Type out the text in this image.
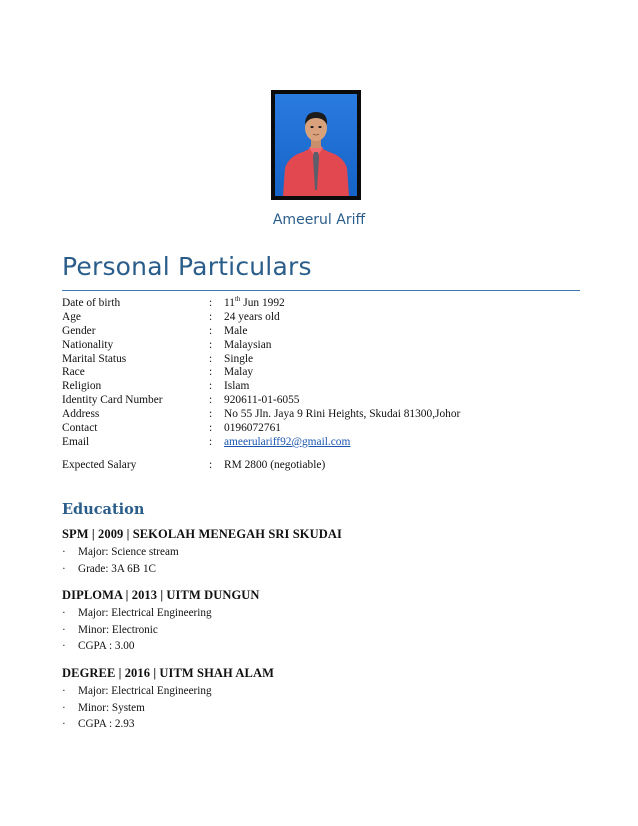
Ameerul Ariff
Personal Particulars
Date of birth	: 11th Jun 1992
Age	: 24 years old
Gender	: Male
Nationality	: Malaysian
Marital Status	: Single
Race	: Malay
Religion	: Islam
Identity Card Number	: 920611-01-6055
Address	: No 55 Jln. Jaya 9 Rini Heights, Skudai 81300,Johor
Contact	: 0196072761
Email	: ameerulariff92@gmail.com
Expected Salary	: RM 2800 (negotiable)
Education
SPM | 2009 | SEKOLAH MENEGAH SRI SKUDAI
· Major: Science stream
· Grade: 3A 6B 1C
DIPLOMA | 2013 | UITM DUNGUN
· Major: Electrical Engineering
· Minor: Electronic
· CGPA : 3.00
DEGREE | 2016 | UITM SHAH ALAM
· Major: Electrical Engineering
· Minor: System
· CGPA : 2.93
